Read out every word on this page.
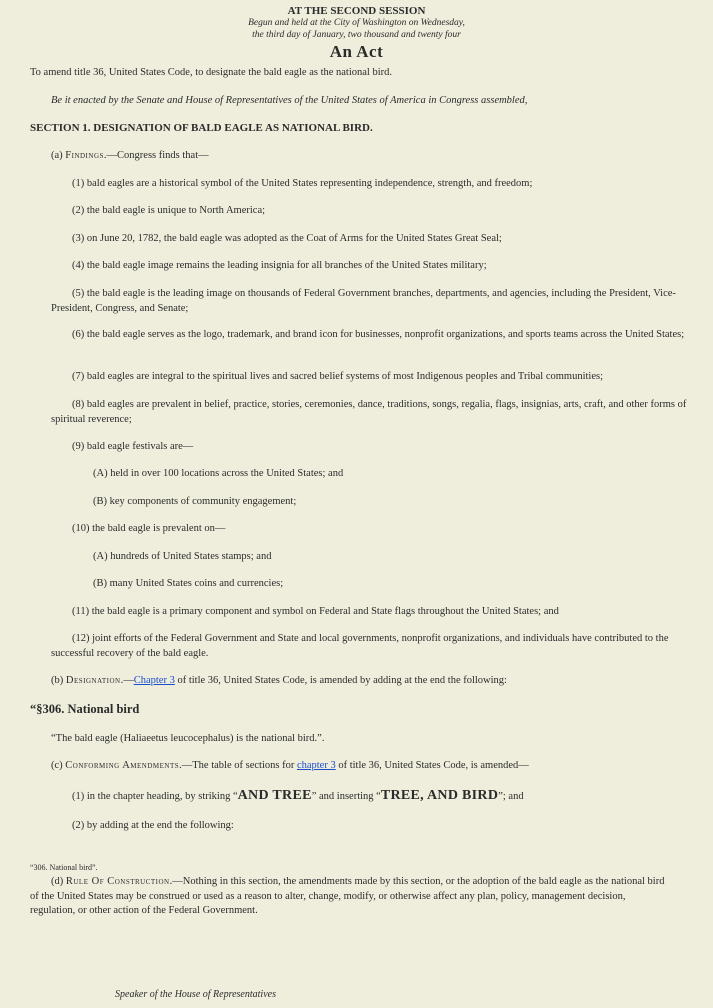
AT THE SECOND SESSION
Begun and held at the City of Washington on Wednesday,
the third day of January, two thousand and twenty four
An Act
To amend title 36, United States Code, to designate the bald eagle as the national bird.
Be it enacted by the Senate and House of Representatives of the United States of America in Congress assembled,
SECTION 1. DESIGNATION OF BALD EAGLE AS NATIONAL BIRD.
(a) Findings.—Congress finds that—
(1) bald eagles are a historical symbol of the United States representing independence, strength, and freedom;
(2) the bald eagle is unique to North America;
(3) on June 20, 1782, the bald eagle was adopted as the Coat of Arms for the United States Great Seal;
(4) the bald eagle image remains the leading insignia for all branches of the United States military;
(5) the bald eagle is the leading image on thousands of Federal Government branches, departments, and agencies, including the President, Vice-President, Congress, and Senate;
(6) the bald eagle serves as the logo, trademark, and brand icon for businesses, nonprofit organizations, and sports teams across the United States;
(7) bald eagles are integral to the spiritual lives and sacred belief systems of most Indigenous peoples and Tribal communities;
(8) bald eagles are prevalent in belief, practice, stories, ceremonies, dance, traditions, songs, regalia, flags, insignias, arts, craft, and other forms of spiritual reverence;
(9) bald eagle festivals are—
(A) held in over 100 locations across the United States; and
(B) key components of community engagement;
(10) the bald eagle is prevalent on—
(A) hundreds of United States stamps; and
(B) many United States coins and currencies;
(11) the bald eagle is a primary component and symbol on Federal and State flags throughout the United States; and
(12) joint efforts of the Federal Government and State and local governments, nonprofit organizations, and individuals have contributed to the successful recovery of the bald eagle.
(b) Designation.—Chapter 3 of title 36, United States Code, is amended by adding at the end the following:
“§306. National bird
“The bald eagle (Haliaeetus leucocephalus) is the national bird.”.
(c) Conforming Amendments.—The table of sections for chapter 3 of title 36, United States Code, is amended—
(1) in the chapter heading, by striking “AND TREE” and inserting “TREE, AND BIRD”; and
(2) by adding at the end the following:
“306. National bird”.
(d) Rule Of Construction.—Nothing in this section, the amendments made by this section, or the adoption of the bald eagle as the national bird of the United States may be construed or used as a reason to alter, change, modify, or otherwise affect any plan, policy, management decision, regulation, or other action of the Federal Government.
Speaker of the House of Representatives
